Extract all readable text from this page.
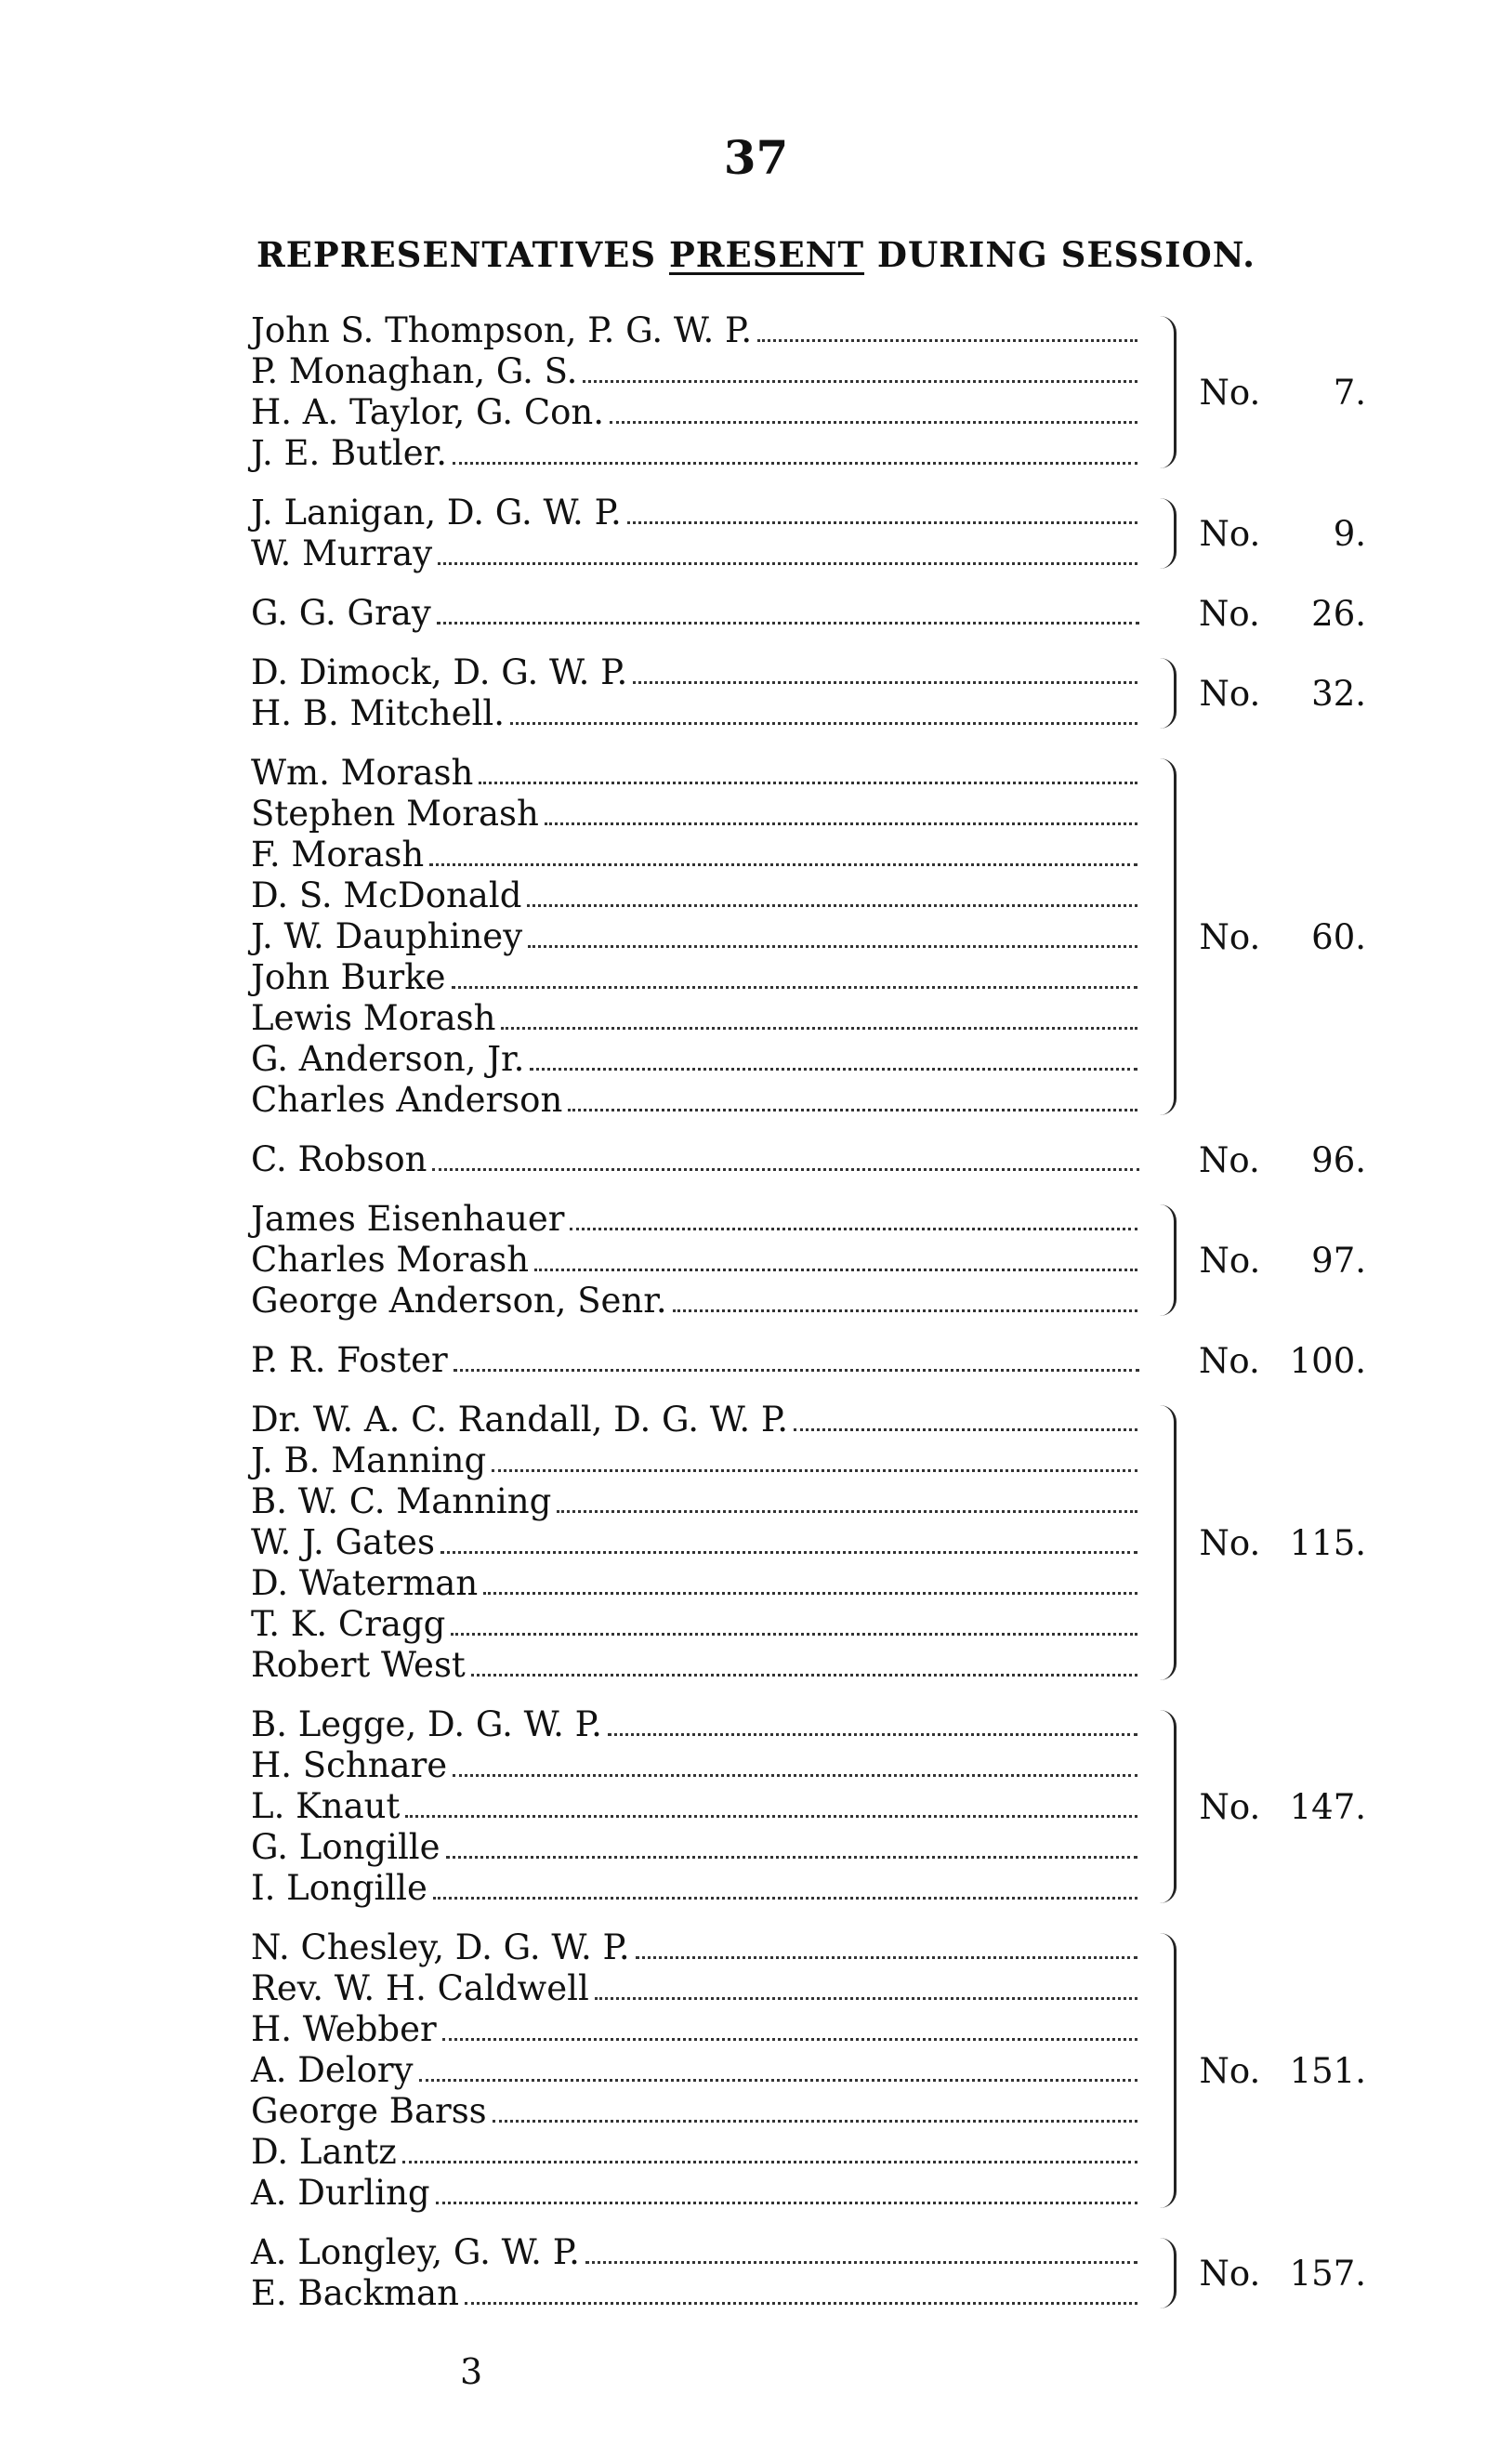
37
REPRESENTATIVES PRESENT DURING SESSION.
John S. Thompson, P. G. W. P.
P. Monaghan, G. S.
H. A. Taylor, G. Con.
J. E. Butler.
No. 7.
J. Lanigan, D. G. W. P.
W. Murray	No. 9.
G. G. Gray	No. 26.
D. Dimock, D. G. W. P.
H. B. Mitchell.	No. 32.
Wm. Morash
Stephen Morash
F. Morash
D. S. McDonald
J. W. Dauphiney
John Burke
Lewis Morash
G. Anderson, Jr.
Charles Anderson
No. 60.
C. Robson	No. 96.
James Eisenhauer
Charles Morash
George Anderson, Senr.
No. 97.
P. R. Foster	No. 100.
Dr. W. A. C. Randall, D. G. W. P.
J. B. Manning
B. W. C. Manning
W. J. Gates
D. Waterman
T. K. Cragg
Robert West
No. 115.
B. Legge, D. G. W. P.
H. Schnare
L. Knaut
G. Longille
I. Longille
No. 147.
N. Chesley, D. G. W. P.
Rev. W. H. Caldwell
H. Webber
A. Delory
George Barss
D. Lantz
A. Durling
No. 151.
A. Longley, G. W. P.
E. Backman	No. 157.
3
